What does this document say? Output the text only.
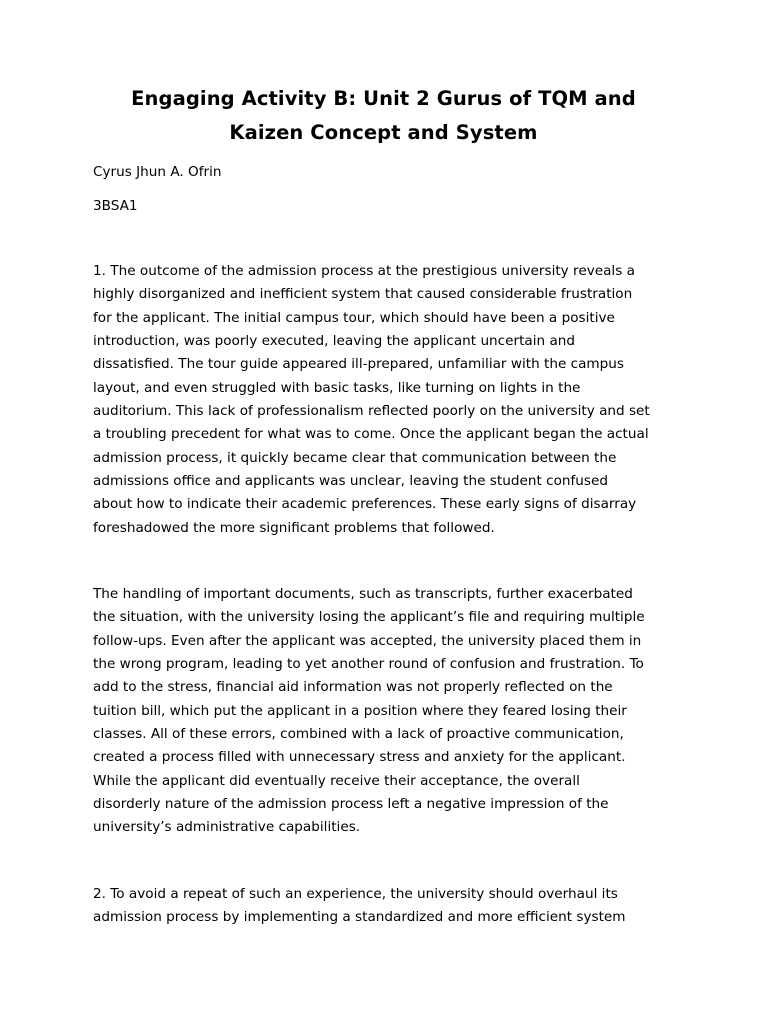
Engaging Activity B: Unit 2 Gurus of TQM and
Kaizen Concept and System

Cyrus Jhun A. Ofrin

3BSA1

1. The outcome of the admission process at the prestigious university reveals a
highly disorganized and inefficient system that caused considerable frustration
for the applicant. The initial campus tour, which should have been a positive
introduction, was poorly executed, leaving the applicant uncertain and
dissatisfied. The tour guide appeared ill-prepared, unfamiliar with the campus
layout, and even struggled with basic tasks, like turning on lights in the
auditorium. This lack of professionalism reflected poorly on the university and set
a troubling precedent for what was to come. Once the applicant began the actual
admission process, it quickly became clear that communication between the
admissions office and applicants was unclear, leaving the student confused
about how to indicate their academic preferences. These early signs of disarray
foreshadowed the more significant problems that followed.
The handling of important documents, such as transcripts, further exacerbated
the situation, with the university losing the applicant’s file and requiring multiple
follow-ups. Even after the applicant was accepted, the university placed them in
the wrong program, leading to yet another round of confusion and frustration. To
add to the stress, financial aid information was not properly reflected on the
tuition bill, which put the applicant in a position where they feared losing their
classes. All of these errors, combined with a lack of proactive communication,
created a process filled with unnecessary stress and anxiety for the applicant.
While the applicant did eventually receive their acceptance, the overall
disorderly nature of the admission process left a negative impression of the
university’s administrative capabilities.
2. To avoid a repeat of such an experience, the university should overhaul its
admission process by implementing a standardized and more efficient system
